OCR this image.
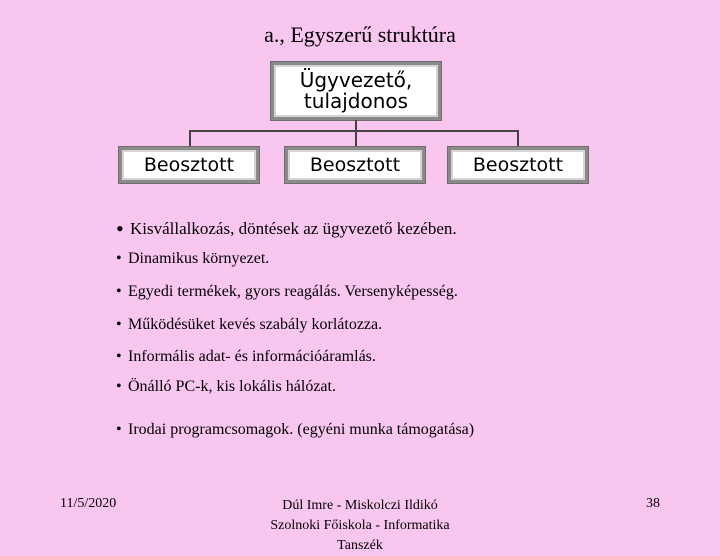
a., Egyszerű struktúra
Ügyvezető,
tulajdonos
Beosztott	Beosztott	Beosztott
• Kisvállalkozás, döntések az ügyvezető kezében.
• Dinamikus környezet.
• Egyedi termékek, gyors reagálás. Versenyképesség.
• Működésüket kevés szabály korlátozza.
• Informális adat- és információáramlás.
• Önálló PC-k, kis lokális hálózat.
• Irodai programcsomagok. (egyéni munka támogatása)
11/5/2020	Dúl Imre - Miskolczi Ildikó
Szolnoki Főiskola - Informatika Tanszék
38
